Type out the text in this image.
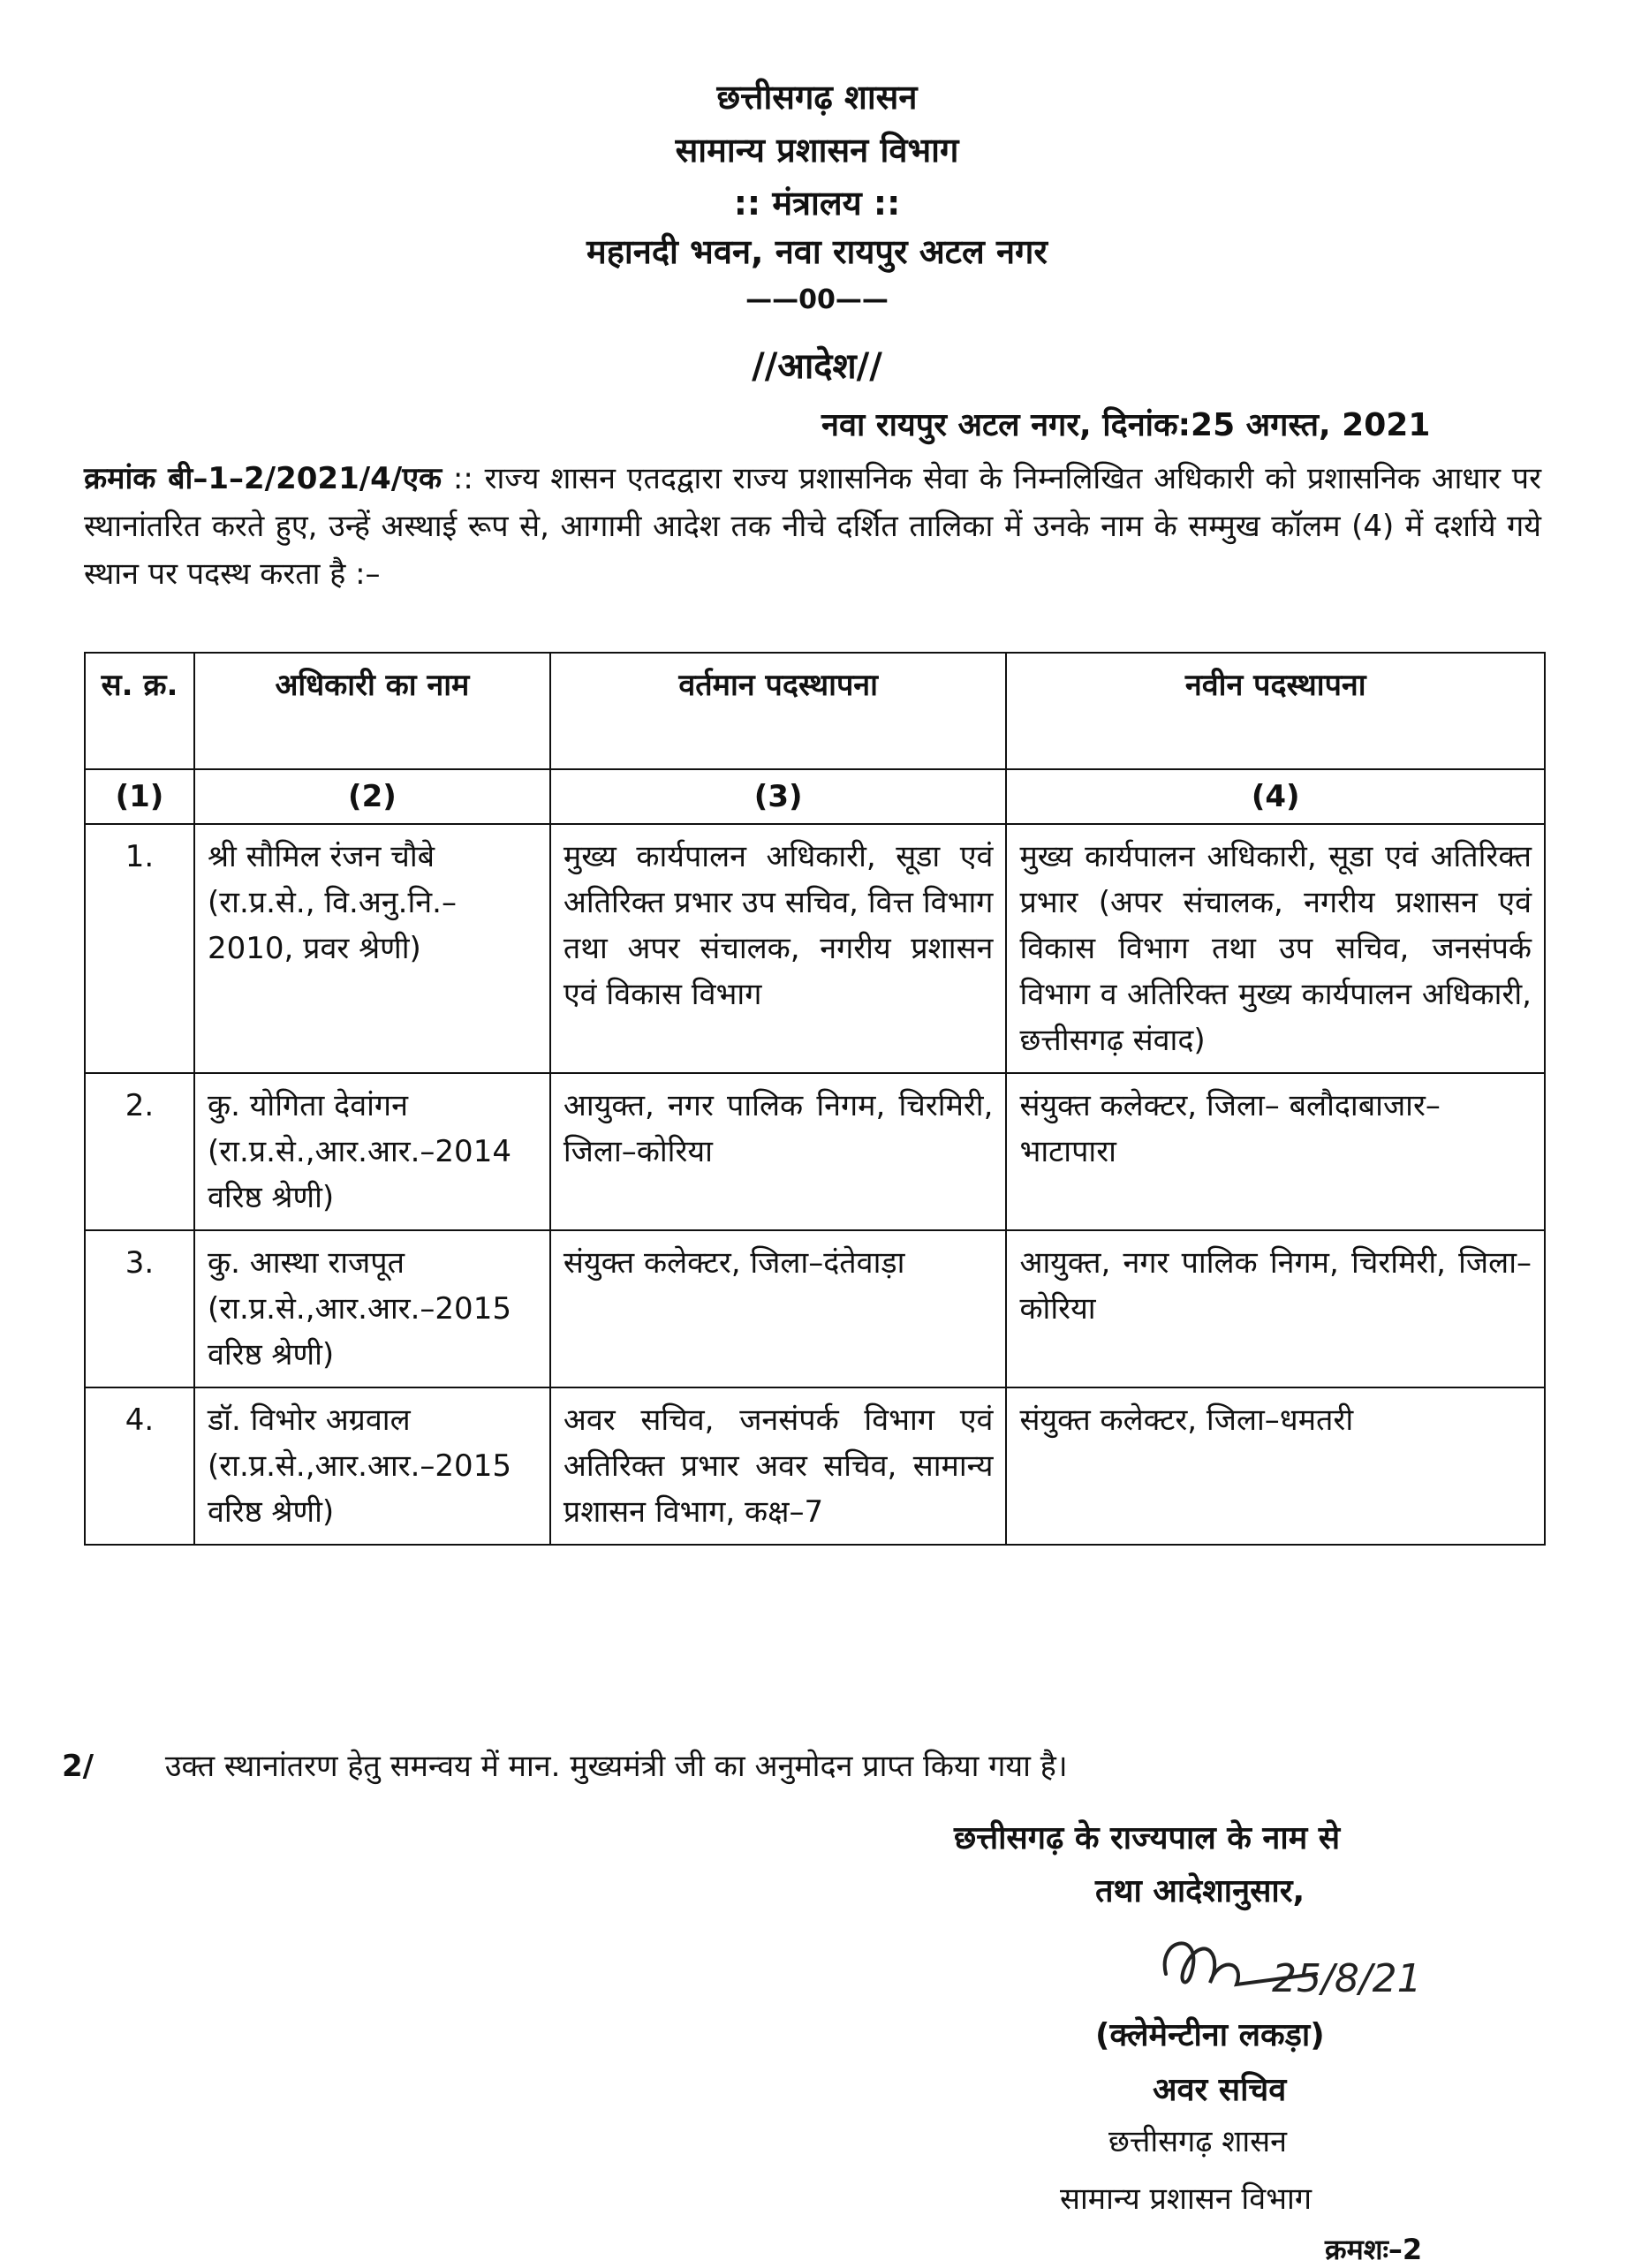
छत्तीसगढ़ शासन
सामान्य प्रशासन विभाग
:: मंत्रालय ::
महानदी भवन, नवा रायपुर अटल नगर
——00——
//आदेश//
नवा रायपुर अटल नगर, दिनांक:25 अगस्त, 2021
क्रमांक बी–1–2/2021/4/एक :: राज्य शासन एतदद्वारा राज्य प्रशासनिक सेवा के निम्नलिखित अधिकारी को प्रशासनिक आधार पर स्थानांतरित करते हुए, उन्हें अस्थाई रूप से, आगामी आदेश तक नीचे दर्शित तालिका में उनके नाम के सम्मुख कॉलम (4) में दर्शाये गये स्थान पर पदस्थ करता है :–
स. क्र.	अधिकारी का नाम	वर्तमान पदस्थापना	नवीन पदस्थापना
(1)	(2)	(3)	(4)
1.	श्री सौमिल रंजन चौबे (रा.प्र.से., वि.अनु.नि.–2010, प्रवर श्रेणी)	मुख्य कार्यपालन अधिकारी, सूडा एवं अतिरिक्त प्रभार उप सचिव, वित्त विभाग तथा अपर संचालक, नगरीय प्रशासन एवं विकास विभाग	मुख्य कार्यपालन अधिकारी, सूडा एवं अतिरिक्त प्रभार (अपर संचालक, नगरीय प्रशासन एवं विकास विभाग तथा उप सचिव, जनसंपर्क विभाग व अतिरिक्त मुख्य कार्यपालन अधिकारी, छत्तीसगढ़ संवाद)
2.	कु. योगिता देवांगन (रा.प्र.से.,आर.आर.–2014 वरिष्ठ श्रेणी)	आयुक्त, नगर पालिक निगम, चिरमिरी, जिला–कोरिया	संयुक्त कलेक्टर, जिला– बलौदाबाजार–भाटापारा
3.	कु. आस्था राजपूत (रा.प्र.से.,आर.आर.–2015 वरिष्ठ श्रेणी)	संयुक्त कलेक्टर, जिला–दंतेवाड़ा	आयुक्त, नगर पालिक निगम, चिरमिरी, जिला–कोरिया
4.	डॉ. विभोर अग्रवाल (रा.प्र.से.,आर.आर.–2015 वरिष्ठ श्रेणी)	अवर सचिव, जनसंपर्क विभाग एवं अतिरिक्त प्रभार अवर सचिव, सामान्य प्रशासन विभाग, कक्ष–7	संयुक्त कलेक्टर, जिला–धमतरी
2/ उक्त स्थानांतरण हेतु समन्वय में मान. मुख्यमंत्री जी का अनुमोदन प्राप्त किया गया है।
छत्तीसगढ़ के राज्यपाल के नाम से
तथा आदेशानुसार,
25/8/21
(क्लेमेन्टीना लकड़ा)
अवर सचिव
छत्तीसगढ़ शासन
सामान्य प्रशासन विभाग
क्रमशः–2
